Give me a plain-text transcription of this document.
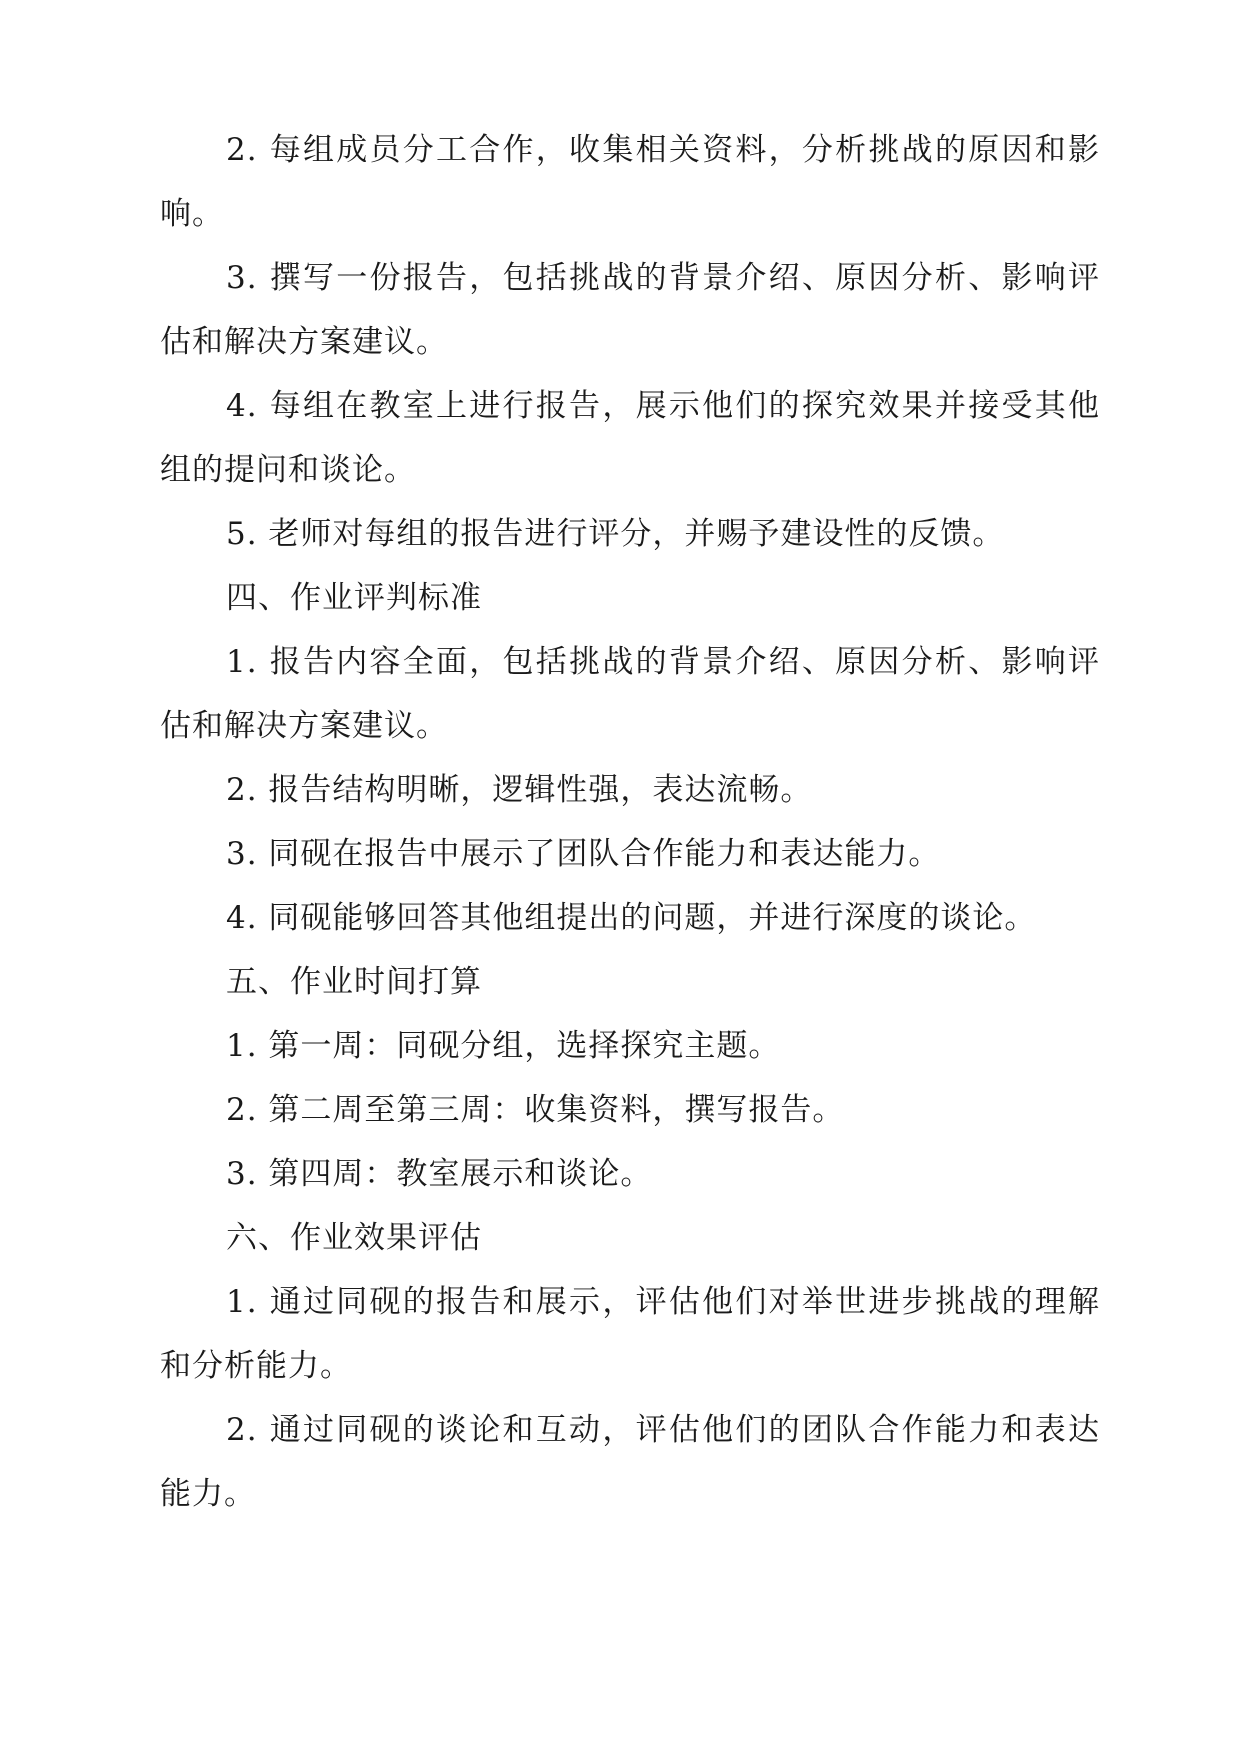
2. 每组成员分工合作，收集相关资料，分析挑战的原因和影响。

3. 撰写一份报告，包括挑战的背景介绍、原因分析、影响评估和解决方案建议。

4. 每组在教室上进行报告，展示他们的探究效果并接受其他组的提问和谈论。

5. 老师对每组的报告进行评分，并赐予建设性的反馈。

四、作业评判标准

1. 报告内容全面，包括挑战的背景介绍、原因分析、影响评估和解决方案建议。

2. 报告结构明晰，逻辑性强，表达流畅。

3. 同砚在报告中展示了团队合作能力和表达能力。

4. 同砚能够回答其他组提出的问题，并进行深度的谈论。

五、作业时间打算

1. 第一周：同砚分组，选择探究主题。

2. 第二周至第三周：收集资料，撰写报告。

3. 第四周：教室展示和谈论。

六、作业效果评估

1. 通过同砚的报告和展示，评估他们对举世进步挑战的理解和分析能力。

2. 通过同砚的谈论和互动，评估他们的团队合作能力和表达能力。
